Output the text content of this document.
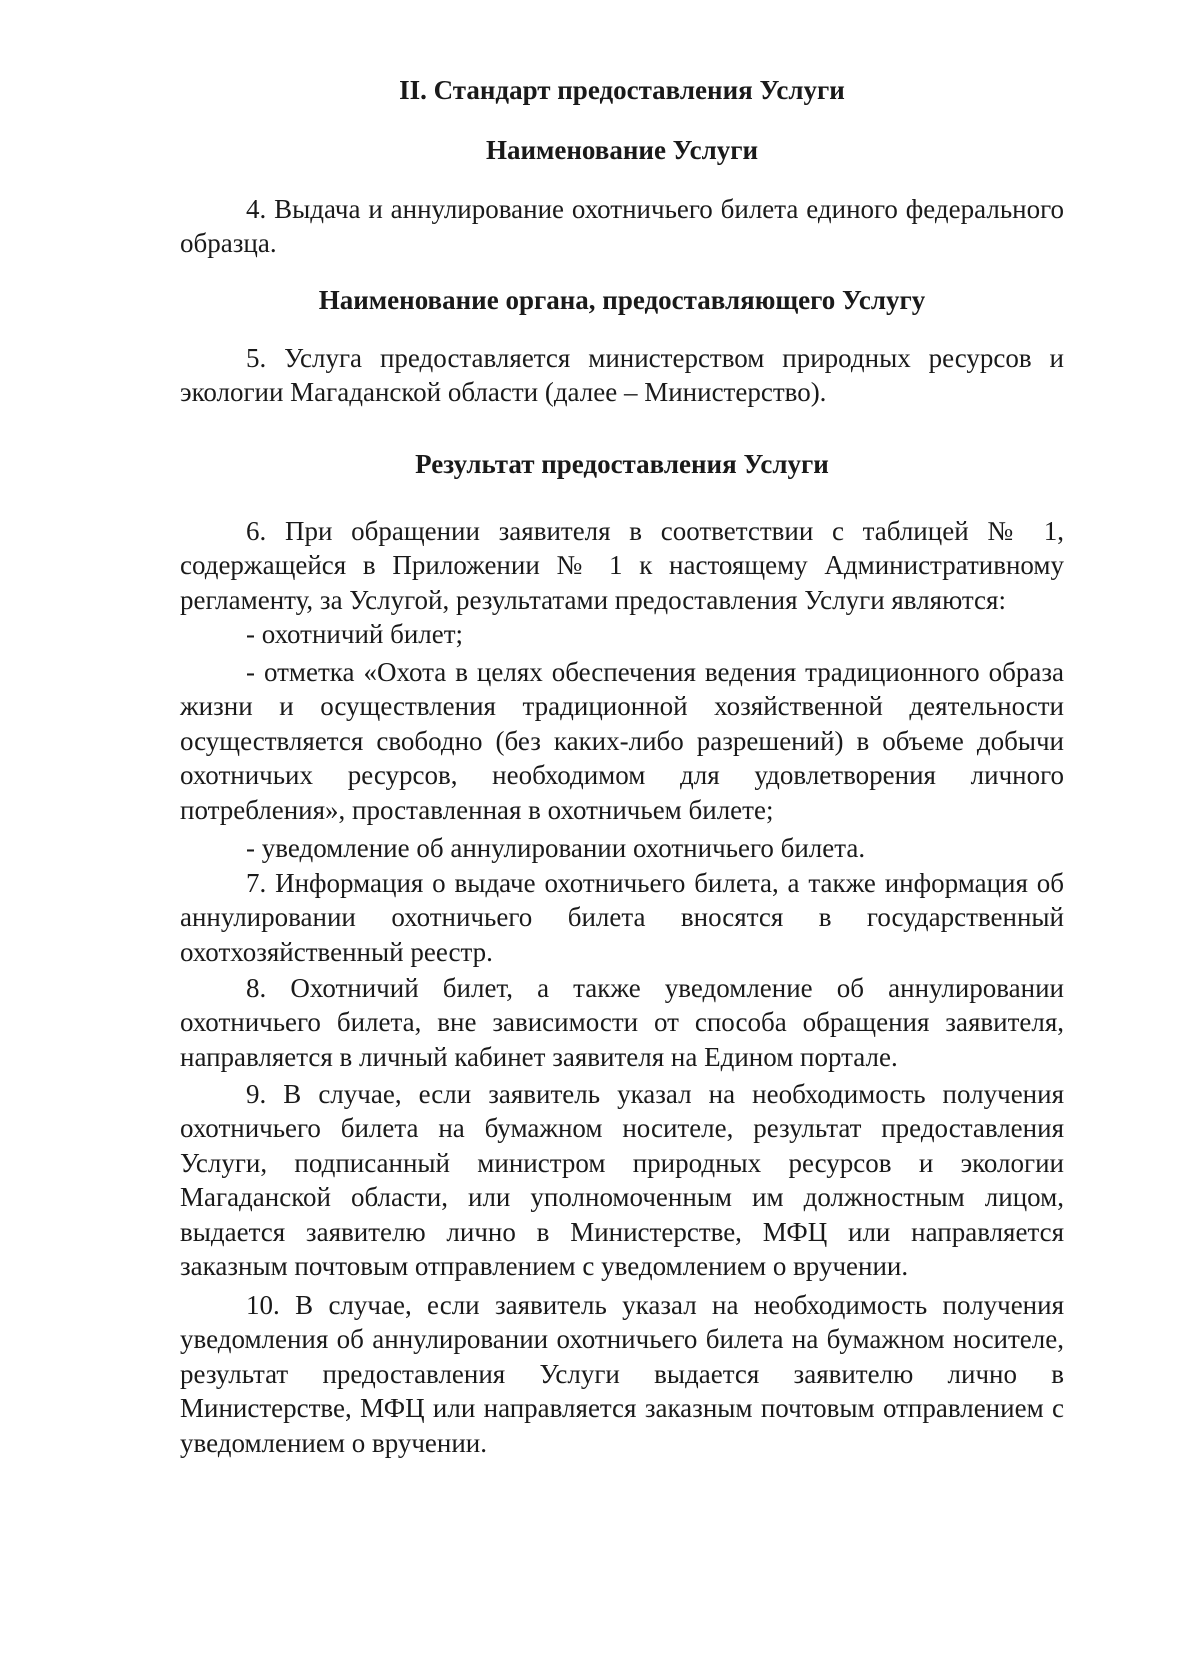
II. Стандарт предоставления Услуги
Наименование Услуги

4. Выдача и аннулирование охотничьего билета единого федерального образца.

Наименование органа, предоставляющего Услугу

5. Услуга предоставляется министерством природных ресурсов и экологии Магаданской области (далее – Министерство).

Результат предоставления Услуги

6. При обращении заявителя в соответствии с таблицей № 1, содержащейся в Приложении № 1 к настоящему Административному регламенту, за Услугой, результатами предоставления Услуги являются:

- охотничий билет;

- отметка «Охота в целях обеспечения ведения традиционного образа жизни и осуществления традиционной хозяйственной деятельности осуществляется свободно (без каких-либо разрешений) в объеме добычи охотничьих ресурсов, необходимом для удовлетворения личного потребления», проставленная в охотничьем билете;

- уведомление об аннулировании охотничьего билета.

7. Информация о выдаче охотничьего билета, а также информация об аннулировании охотничьего билета вносятся в государственный охотхозяйственный реестр.

8. Охотничий билет, а также уведомление об аннулировании охотничьего билета, вне зависимости от способа обращения заявителя, направляется в личный кабинет заявителя на Едином портале.

9. В случае, если заявитель указал на необходимость получения охотничьего билета на бумажном носителе, результат предоставления Услуги, подписанный министром природных ресурсов и экологии Магаданской области, или уполномоченным им должностным лицом, выдается заявителю лично в Министерстве, МФЦ или направляется заказным почтовым отправлением с уведомлением о вручении.

10. В случае, если заявитель указал на необходимость получения уведомления об аннулировании охотничьего билета на бумажном носителе, результат предоставления Услуги выдается заявителю лично в Министерстве, МФЦ или направляется заказным почтовым отправлением с уведомлением о вручении.
